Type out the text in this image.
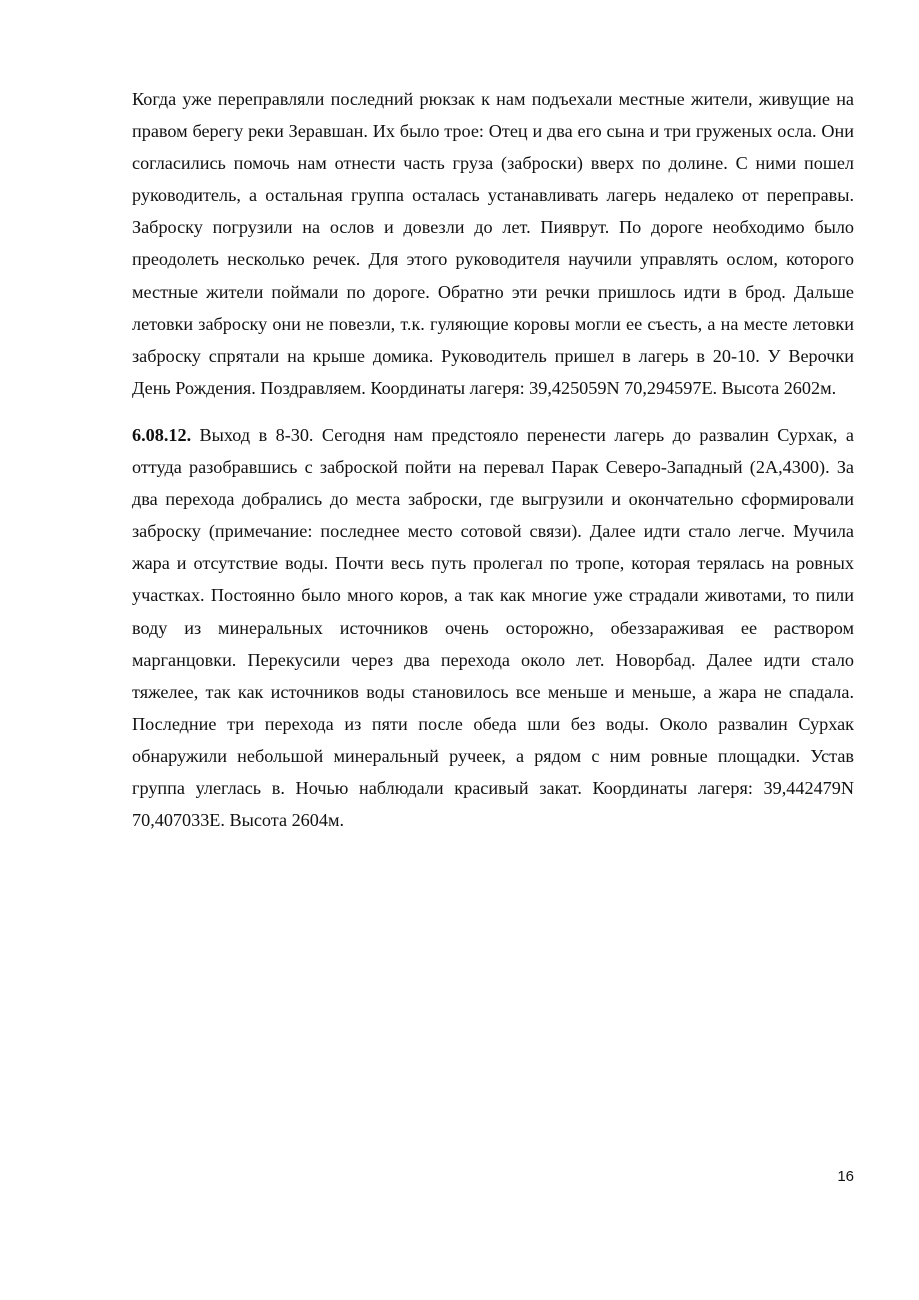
Когда уже переправляли последний рюкзак к нам подъехали местные жители, живущие на правом берегу реки Зеравшан. Их было трое: Отец и два его сына и три груженых осла. Они согласились помочь нам отнести часть груза (заброски) вверх по долине. С ними пошел руководитель, а остальная группа осталась устанавливать лагерь недалеко от переправы. Заброску погрузили на ослов и довезли до лет. Пияврут. По дороге необходимо было преодолеть несколько речек. Для этого руководителя научили управлять ослом, которого местные жители поймали по дороге. Обратно эти речки пришлось идти в брод. Дальше летовки заброску они не повезли, т.к. гуляющие коровы могли ее съесть, а на месте летовки заброску спрятали на крыше домика. Руководитель пришел в лагерь в 20-10. У Верочки День Рождения. Поздравляем. Координаты лагеря: 39,425059N 70,294597E. Высота 2602м.

6.08.12. Выход в 8-30. Сегодня нам предстояло перенести лагерь до развалин Сурхак, а оттуда разобравшись с заброской пойти на перевал Парак Северо-Западный (2А,4300). За два перехода добрались до места заброски, где выгрузили и окончательно сформировали заброску (примечание: последнее место сотовой связи). Далее идти стало легче. Мучила жара и отсутствие воды. Почти весь путь пролегал по тропе, которая терялась на ровных участках. Постоянно было много коров, а так как многие уже страдали животами, то пили воду из минеральных источников очень осторожно, обеззараживая ее раствором марганцовки. Перекусили через два перехода около лет. Новорбад. Далее идти стало тяжелее, так как источников воды становилось все меньше и меньше, а жара не спадала. Последние три перехода из пяти после обеда шли без воды. Около развалин Сурхак обнаружили небольшой минеральный ручеек, а рядом с ним ровные площадки. Устав группа улеглась в. Ночью наблюдали красивый закат. Координаты лагеря: 39,442479N 70,407033E. Высота 2604м.

16
